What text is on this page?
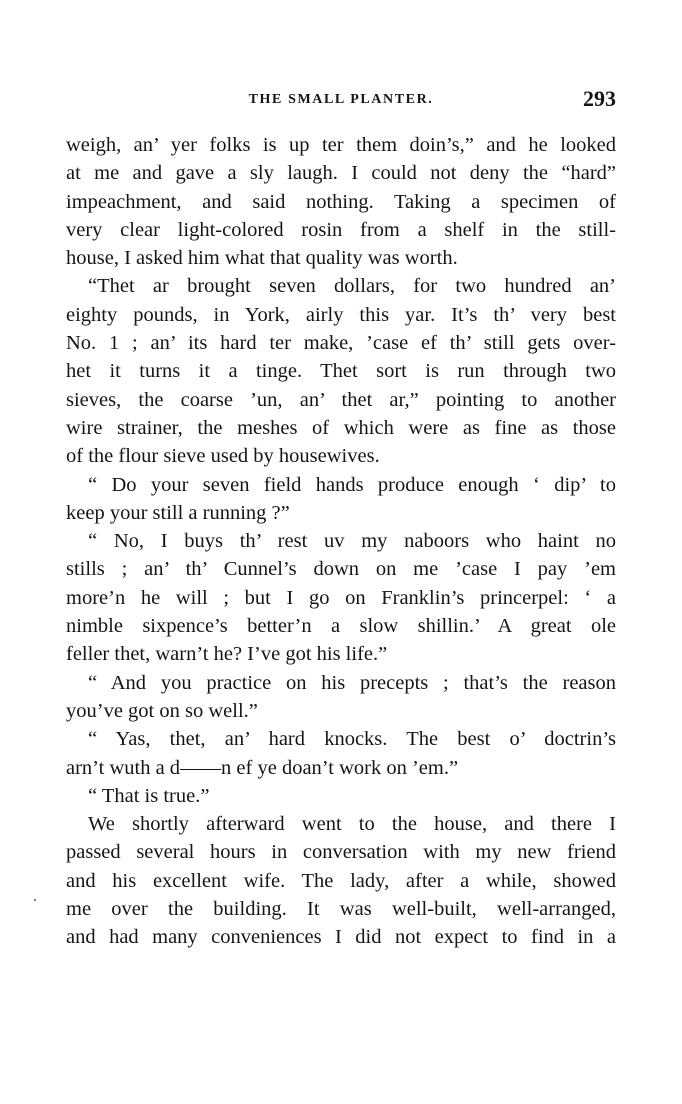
THE SMALL PLANTER.	293
weigh, an’ yer folks is up ter them doin’s,” and he looked
at me and gave a sly laugh. I could not deny the “hard”
impeachment, and said nothing. Taking a specimen of
very clear light-colored rosin from a shelf in the still-
house, I asked him what that quality was worth.
“Thet ar brought seven dollars, for two hundred an’
eighty pounds, in York, airly this yar. It’s th’ very best
No. 1 ; an’ its hard ter make, ’case ef th’ still gets over-
het it turns it a tinge. Thet sort is run through two
sieves, the coarse ’un, an’ thet ar,” pointing to another
wire strainer, the meshes of which were as fine as those
of the flour sieve used by housewives.
“ Do your seven field hands produce enough ‘ dip’ to
keep your still a running ?”
“ No, I buys th’ rest uv my naboors who haint no
stills ; an’ th’ Cunnel’s down on me ’case I pay ’em
more’n he will ; but I go on Franklin’s princerpel: ‘ a
nimble sixpence’s better’n a slow shillin.’ A great ole
feller thet, warn’t he? I’ve got his life.”
“ And you practice on his precepts ; that’s the reason
you’ve got on so well.”
“ Yas, thet, an’ hard knocks. The best o’ doctrin’s
arn’t wuth a d——n ef ye doan’t work on ’em.”
“ That is true.”
We shortly afterward went to the house, and there I
passed several hours in conversation with my new friend
and his excellent wife. The lady, after a while, showed
me over the building. It was well-built, well-arranged,
and had many conveniences I did not expect to find in a
